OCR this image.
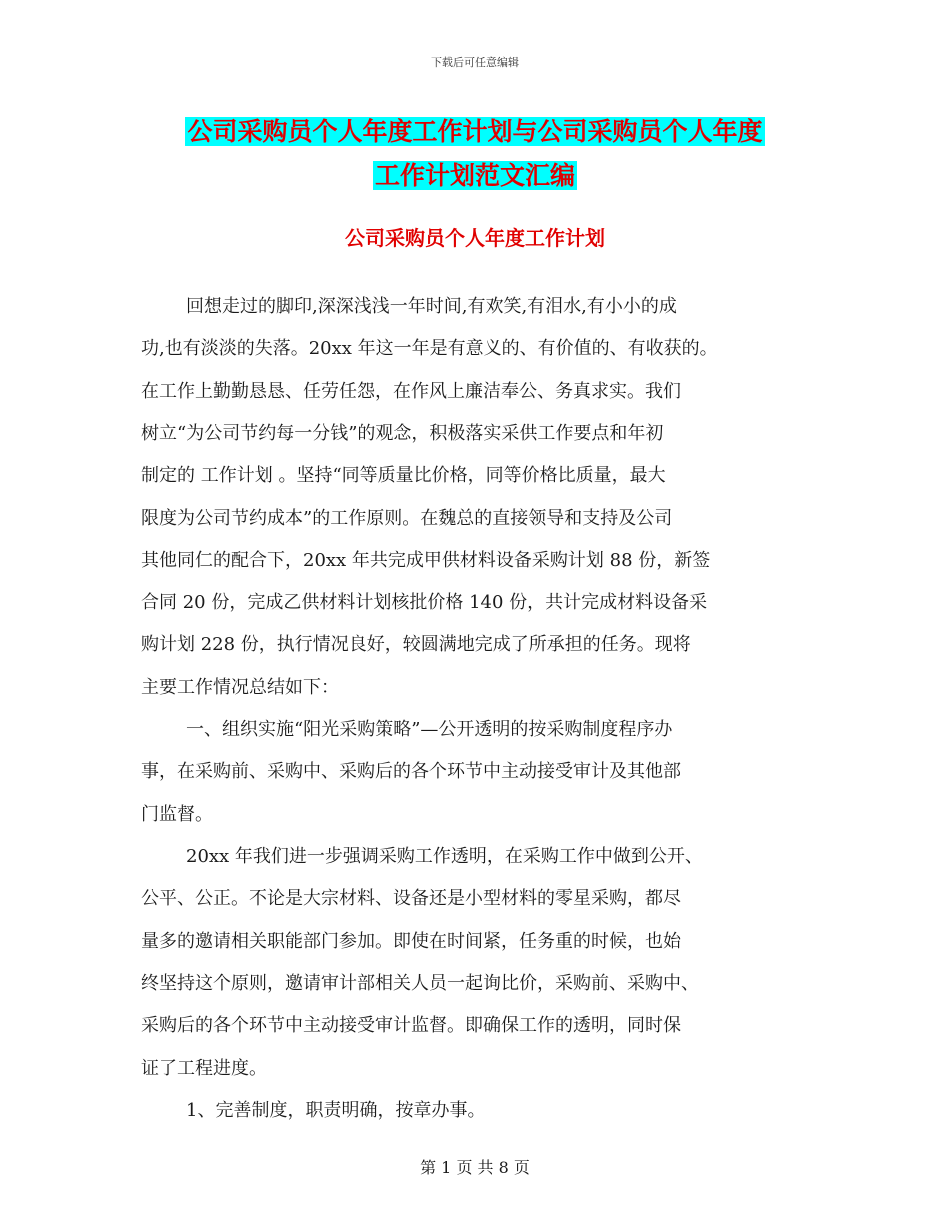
下载后可任意编辑
公司采购员个人年度工作计划与公司采购员个人年度
工作计划范文汇编
公司采购员个人年度工作计划
回想走过的脚印,深深浅浅一年时间,有欢笑,有泪水,有小小的成
功,也有淡淡的失落。20xx 年这一年是有意义的、有价值的、有收获的。
在工作上勤勤恳恳、任劳任怨，在作风上廉洁奉公、务真求实。我们
树立“为公司节约每一分钱”的观念，积极落实采供工作要点和年初
制定的 工作计划 。坚持“同等质量比价格，同等价格比质量，最大
限度为公司节约成本”的工作原则。在魏总的直接领导和支持及公司
其他同仁的配合下，20xx 年共完成甲供材料设备采购计划 88 份，新签
合同 20 份，完成乙供材料计划核批价格 140 份，共计完成材料设备采
购计划 228 份，执行情况良好，较圆满地完成了所承担的任务。现将
主要工作情况总结如下：
一、组织实施“阳光采购策略”—公开透明的按采购制度程序办
事，在采购前、采购中、采购后的各个环节中主动接受审计及其他部
门监督。
20xx 年我们进一步强调采购工作透明，在采购工作中做到公开、
公平、公正。不论是大宗材料、设备还是小型材料的零星采购，都尽
量多的邀请相关职能部门参加。即使在时间紧，任务重的时候，也始
终坚持这个原则，邀请审计部相关人员一起询比价，采购前、采购中、
采购后的各个环节中主动接受审计监督。即确保工作的透明，同时保
证了工程进度。
1、完善制度，职责明确，按章办事。
第 1 页 共 8 页
